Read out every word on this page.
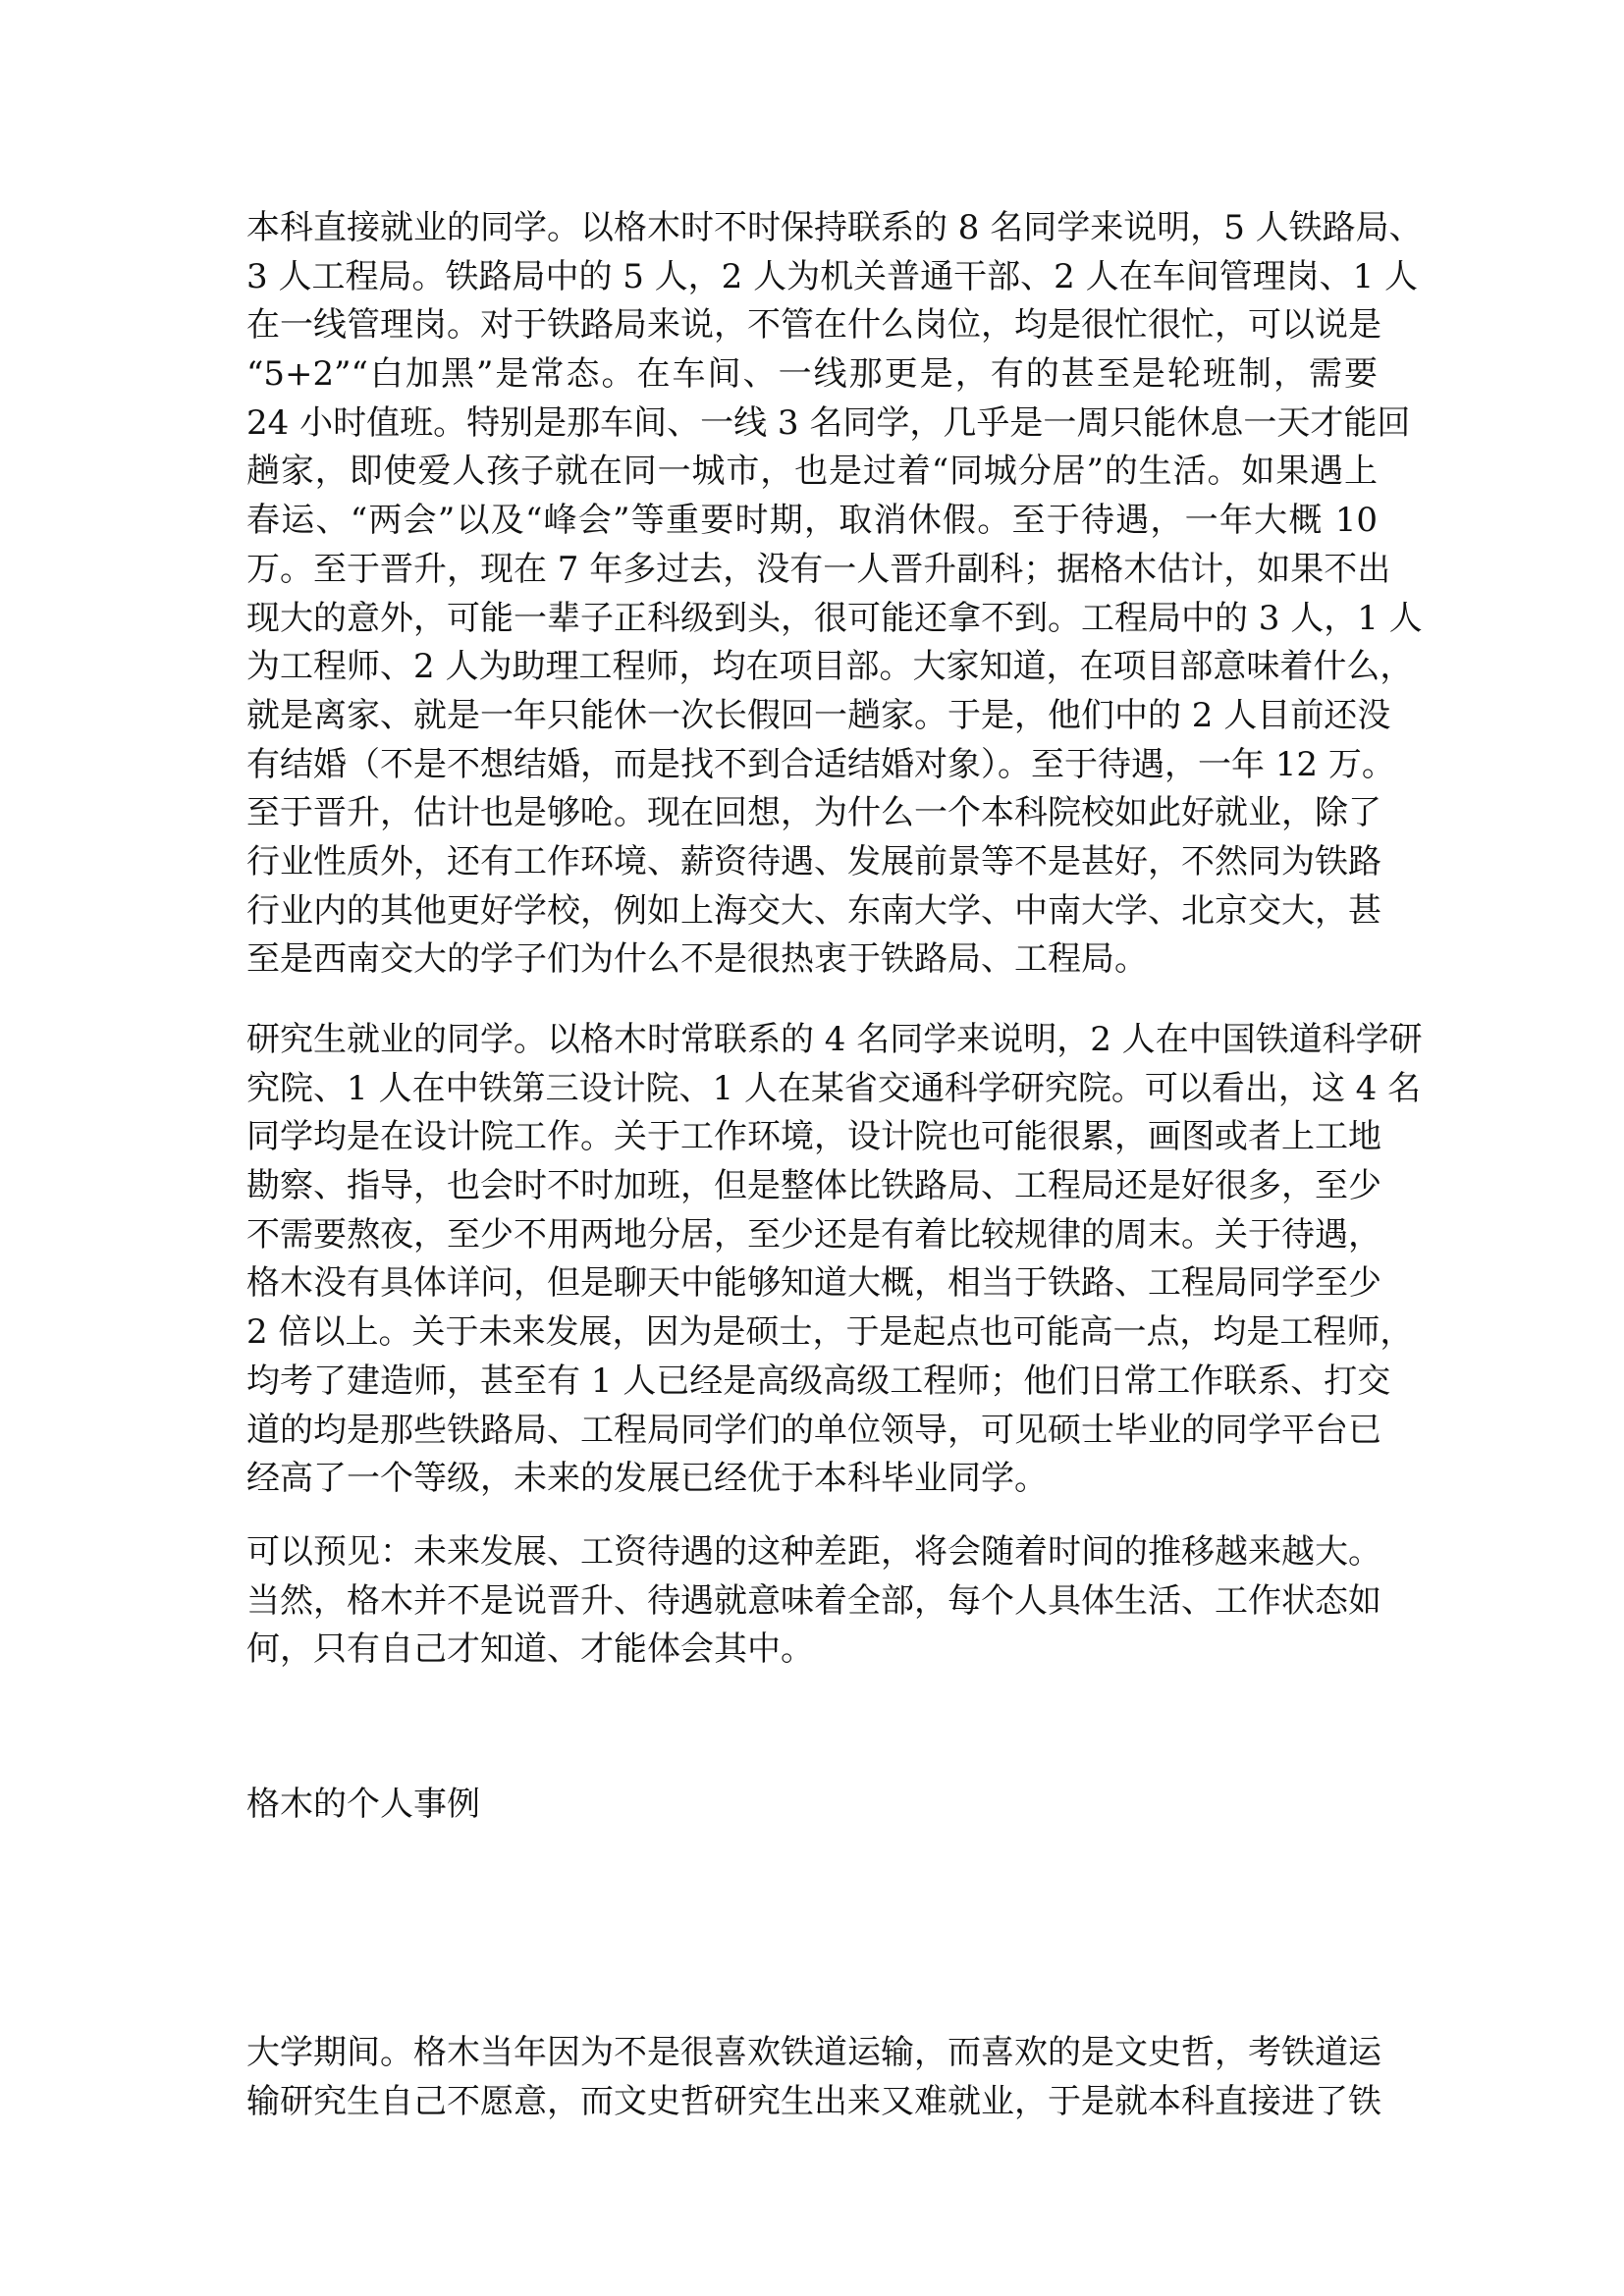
本科直接就业的同学。以格木时不时保持联系的 8 名同学来说明，5 人铁路局、
3 人工程局。铁路局中的 5 人，2 人为机关普通干部、2 人在车间管理岗、1 人
在一线管理岗。对于铁路局来说，不管在什么岗位，均是很忙很忙，可以说是
“5+2”“白加黑”是常态。在车间、一线那更是，有的甚至是轮班制，需要
24 小时值班。特别是那车间、一线 3 名同学，几乎是一周只能休息一天才能回
趟家，即使爱人孩子就在同一城市，也是过着“同城分居”的生活。如果遇上
春运、“两会”以及“峰会”等重要时期，取消休假。至于待遇，一年大概 10
万。至于晋升，现在 7 年多过去，没有一人晋升副科；据格木估计，如果不出
现大的意外，可能一辈子正科级到头，很可能还拿不到。工程局中的 3 人，1 人
为工程师、2 人为助理工程师，均在项目部。大家知道，在项目部意味着什么，
就是离家、就是一年只能休一次长假回一趟家。于是，他们中的 2 人目前还没
有结婚（不是不想结婚，而是找不到合适结婚对象）。至于待遇，一年 12 万。
至于晋升，估计也是够呛。现在回想，为什么一个本科院校如此好就业，除了
行业性质外，还有工作环境、薪资待遇、发展前景等不是甚好，不然同为铁路
行业内的其他更好学校，例如上海交大、东南大学、中南大学、北京交大，甚
至是西南交大的学子们为什么不是很热衷于铁路局、工程局。
研究生就业的同学。以格木时常联系的 4 名同学来说明，2 人在中国铁道科学研
究院、1 人在中铁第三设计院、1 人在某省交通科学研究院。可以看出，这 4 名
同学均是在设计院工作。关于工作环境，设计院也可能很累，画图或者上工地
勘察、指导，也会时不时加班，但是整体比铁路局、工程局还是好很多，至少
不需要熬夜，至少不用两地分居，至少还是有着比较规律的周末。关于待遇，
格木没有具体详问，但是聊天中能够知道大概，相当于铁路、工程局同学至少
2 倍以上。关于未来发展，因为是硕士，于是起点也可能高一点，均是工程师，
均考了建造师，甚至有 1 人已经是高级高级工程师；他们日常工作联系、打交
道的均是那些铁路局、工程局同学们的单位领导，可见硕士毕业的同学平台已
经高了一个等级，未来的发展已经优于本科毕业同学。
可以预见：未来发展、工资待遇的这种差距，将会随着时间的推移越来越大。
当然，格木并不是说晋升、待遇就意味着全部，每个人具体生活、工作状态如
何，只有自己才知道、才能体会其中。
格木的个人事例
大学期间。格木当年因为不是很喜欢铁道运输，而喜欢的是文史哲，考铁道运
输研究生自己不愿意，而文史哲研究生出来又难就业，于是就本科直接进了铁
